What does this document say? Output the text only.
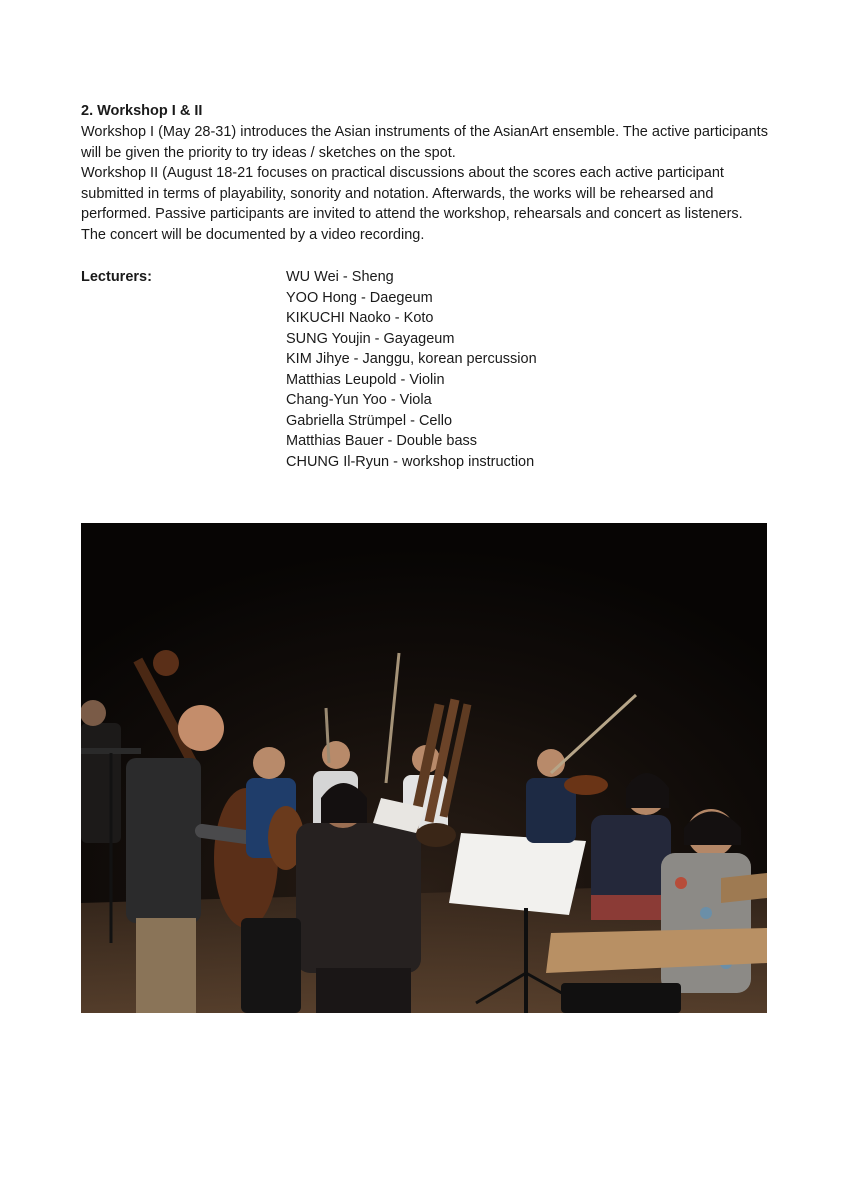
2. Workshop I & II

Workshop I (May 28-31) introduces the Asian instruments of the AsianArt ensemble. The active participants will be given the priority to try ideas / sketches on the spot.

Workshop II (August 18-21 focuses on practical discussions about the scores each active participant submitted in terms of playability, sonority and notation. Afterwards, the works will be rehearsed and performed. Passive participants are invited to attend the workshop, rehearsals and concert as listeners. The concert will be documented by a video recording.

Lecturers:	WU Wei - Sheng
YOO Hong - Daegeum
KIKUCHI Naoko - Koto
SUNG Youjin - Gayageum
KIM Jihye - Janggu, korean percussion
Matthias Leupold - Violin
Chang-Yun Yoo - Viola
Gabriella Strümpel - Cello
Matthias Bauer - Double bass
CHUNG Il-Ryun - workshop instruction
